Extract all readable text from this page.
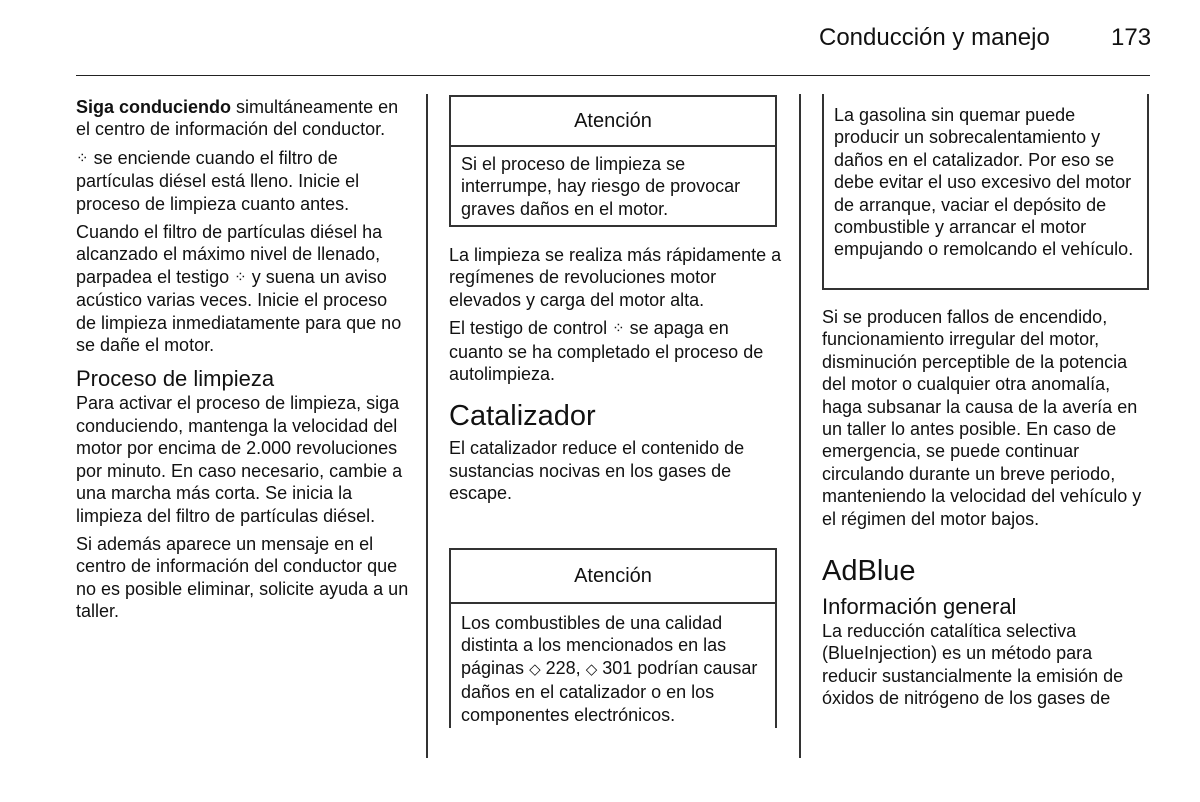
Conducción y manejo	173

Siga conduciendo simultáneamente en el centro de información del conductor.

⁘ se enciende cuando el filtro de partículas diésel está lleno. Inicie el proceso de limpieza cuanto antes.

Cuando el filtro de partículas diésel ha alcanzado el máximo nivel de llenado, parpadea el testigo ⁘ y suena un aviso acústico varias veces. Inicie el proceso de limpieza inmediatamente para que no se dañe el motor.

Proceso de limpieza

Para activar el proceso de limpieza, siga conduciendo, mantenga la velocidad del motor por encima de 2.000 revoluciones por minuto. En caso necesario, cambie a una marcha más corta. Se inicia la limpieza del filtro de partículas diésel.

Si además aparece un mensaje en el centro de información del conductor que no es posible eliminar, solicite ayuda a un taller.

Atención
Si el proceso de limpieza se interrumpe, hay riesgo de provocar graves daños en el motor.

La limpieza se realiza más rápidamente a regímenes de revoluciones motor elevados y carga del motor alta.

El testigo de control ⁘ se apaga en cuanto se ha completado el proceso de autolimpieza.

Catalizador

El catalizador reduce el contenido de sustancias nocivas en los gases de escape.

Atención
Los combustibles de una calidad distinta a los mencionados en las páginas ◇ 228, ◇ 301 podrían causar daños en el catalizador o en los componentes electrónicos.
La gasolina sin quemar puede producir un sobrecalentamiento y daños en el catalizador. Por eso se debe evitar el uso excesivo del motor de arranque, vaciar el depósito de combustible y arrancar el motor empujando o remolcando el vehículo.

Si se producen fallos de encendido, funcionamiento irregular del motor, disminución perceptible de la potencia del motor o cualquier otra anomalía, haga subsanar la causa de la avería en un taller lo antes posible. En caso de emergencia, se puede continuar circulando durante un breve periodo, manteniendo la velocidad del vehículo y el régimen del motor bajos.

AdBlue
Información general

La reducción catalítica selectiva (BlueInjection) es un método para reducir sustancialmente la emisión de óxidos de nitrógeno de los gases de
